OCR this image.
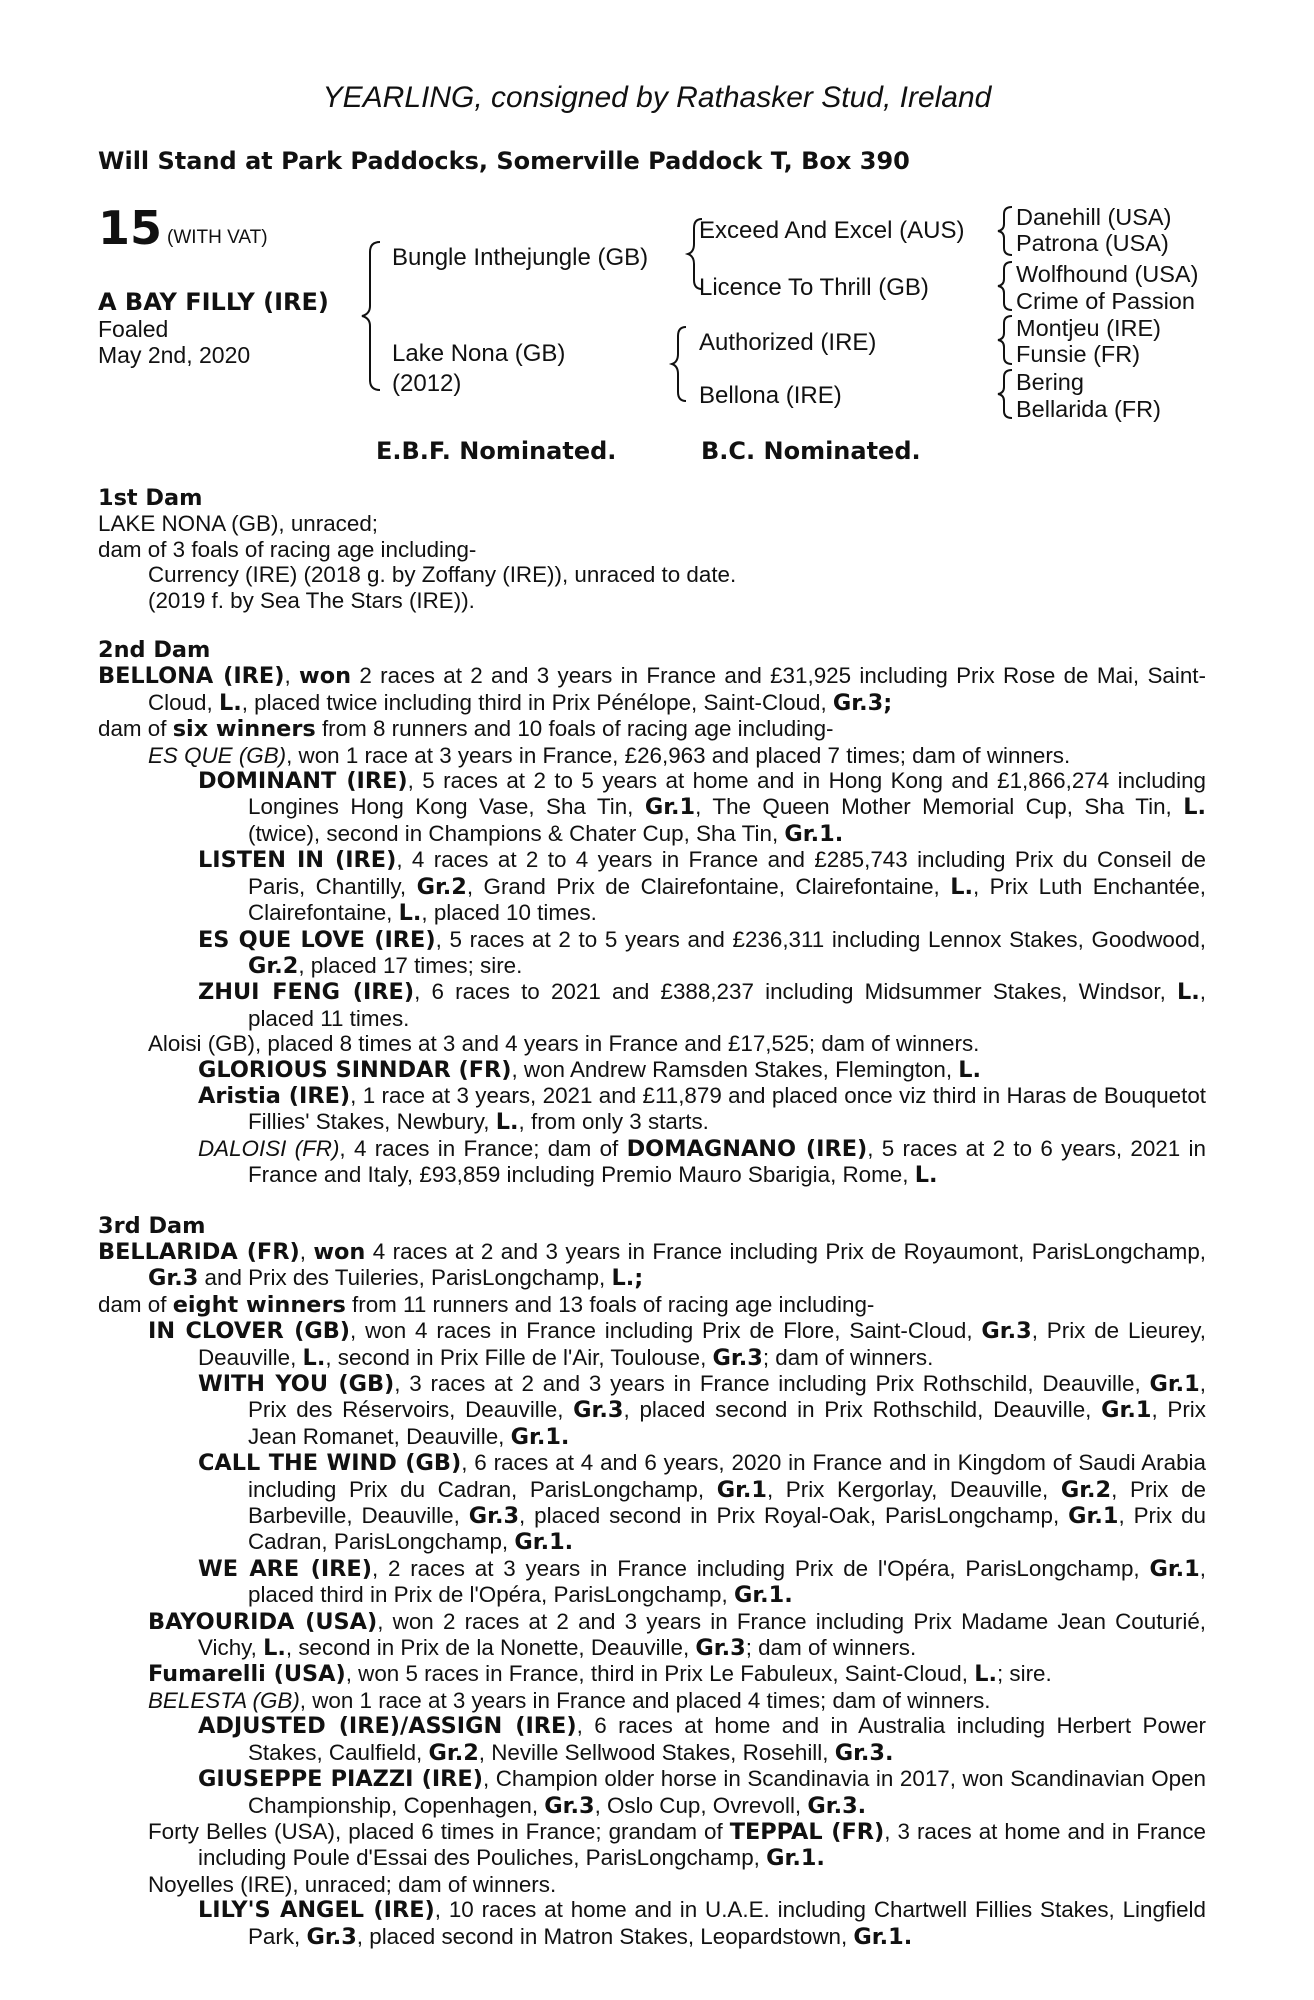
YEARLING, consigned by Rathasker Stud, Ireland
Will Stand at Park Paddocks, Somerville Paddock T, Box 390
15 (WITH VAT)
A BAY FILLY (IRE)
Foaled
May 2nd, 2020
Bungle Inthejungle (GB)
Lake Nona (GB)
(2012)
Exceed And Excel (AUS)
Licence To Thrill (GB)
Authorized (IRE)
Bellona (IRE)
Danehill (USA)
Patrona (USA)
Wolfhound (USA)
Crime of Passion
Montjeu (IRE)
Funsie (FR)
Bering
Bellarida (FR)
E.B.F. Nominated.	B.C. Nominated.

1st Dam

LAKE NONA (GB), unraced;

dam of 3 foals of racing age including-

Currency (IRE) (2018 g. by Zoffany (IRE)), unraced to date.

(2019 f. by Sea The Stars (IRE)).

2nd Dam

BELLONA (IRE), won 2 races at 2 and 3 years in France and £31,925 including Prix Rose de Mai, Saint-Cloud, L., placed twice including third in Prix Pénélope, Saint-Cloud, Gr.3;

dam of six winners from 8 runners and 10 foals of racing age including-

ES QUE (GB), won 1 race at 3 years in France, £26,963 and placed 7 times; dam of winners.

DOMINANT (IRE), 5 races at 2 to 5 years at home and in Hong Kong and £1,866,274 including Longines Hong Kong Vase, Sha Tin, Gr.1, The Queen Mother Memorial Cup, Sha Tin, L. (twice), second in Champions & Chater Cup, Sha Tin, Gr.1.

LISTEN IN (IRE), 4 races at 2 to 4 years in France and £285,743 including Prix du Conseil de Paris, Chantilly, Gr.2, Grand Prix de Clairefontaine, Clairefontaine, L., Prix Luth Enchantée, Clairefontaine, L., placed 10 times.

ES QUE LOVE (IRE), 5 races at 2 to 5 years and £236,311 including Lennox Stakes, Goodwood, Gr.2, placed 17 times; sire.

ZHUI FENG (IRE), 6 races to 2021 and £388,237 including Midsummer Stakes, Windsor, L., placed 11 times.

Aloisi (GB), placed 8 times at 3 and 4 years in France and £17,525; dam of winners.

GLORIOUS SINNDAR (FR), won Andrew Ramsden Stakes, Flemington, L.

Aristia (IRE), 1 race at 3 years, 2021 and £11,879 and placed once viz third in Haras de Bouquetot Fillies' Stakes, Newbury, L., from only 3 starts.

DALOISI (FR), 4 races in France; dam of DOMAGNANO (IRE), 5 races at 2 to 6 years, 2021 in France and Italy, £93,859 including Premio Mauro Sbarigia, Rome, L.

3rd Dam

BELLARIDA (FR), won 4 races at 2 and 3 years in France including Prix de Royaumont, ParisLongchamp, Gr.3 and Prix des Tuileries, ParisLongchamp, L.;

dam of eight winners from 11 runners and 13 foals of racing age including-

IN CLOVER (GB), won 4 races in France including Prix de Flore, Saint-Cloud, Gr.3, Prix de Lieurey, Deauville, L., second in Prix Fille de l'Air, Toulouse, Gr.3; dam of winners.

WITH YOU (GB), 3 races at 2 and 3 years in France including Prix Rothschild, Deauville, Gr.1, Prix des Réservoirs, Deauville, Gr.3, placed second in Prix Rothschild, Deauville, Gr.1, Prix Jean Romanet, Deauville, Gr.1.

CALL THE WIND (GB), 6 races at 4 and 6 years, 2020 in France and in Kingdom of Saudi Arabia including Prix du Cadran, ParisLongchamp, Gr.1, Prix Kergorlay, Deauville, Gr.2, Prix de Barbeville, Deauville, Gr.3, placed second in Prix Royal-Oak, ParisLongchamp, Gr.1, Prix du Cadran, ParisLongchamp, Gr.1.

WE ARE (IRE), 2 races at 3 years in France including Prix de l'Opéra, ParisLongchamp, Gr.1, placed third in Prix de l'Opéra, ParisLongchamp, Gr.1.

BAYOURIDA (USA), won 2 races at 2 and 3 years in France including Prix Madame Jean Couturié, Vichy, L., second in Prix de la Nonette, Deauville, Gr.3; dam of winners.

Fumarelli (USA), won 5 races in France, third in Prix Le Fabuleux, Saint-Cloud, L.; sire.

BELESTA (GB), won 1 race at 3 years in France and placed 4 times; dam of winners.

ADJUSTED (IRE)/ASSIGN (IRE), 6 races at home and in Australia including Herbert Power Stakes, Caulfield, Gr.2, Neville Sellwood Stakes, Rosehill, Gr.3.

GIUSEPPE PIAZZI (IRE), Champion older horse in Scandinavia in 2017, won Scandinavian Open Championship, Copenhagen, Gr.3, Oslo Cup, Ovrevoll, Gr.3.

Forty Belles (USA), placed 6 times in France; grandam of TEPPAL (FR), 3 races at home and in France including Poule d'Essai des Pouliches, ParisLongchamp, Gr.1.

Noyelles (IRE), unraced; dam of winners.

LILY'S ANGEL (IRE), 10 races at home and in U.A.E. including Chartwell Fillies Stakes, Lingfield Park, Gr.3, placed second in Matron Stakes, Leopardstown, Gr.1.
